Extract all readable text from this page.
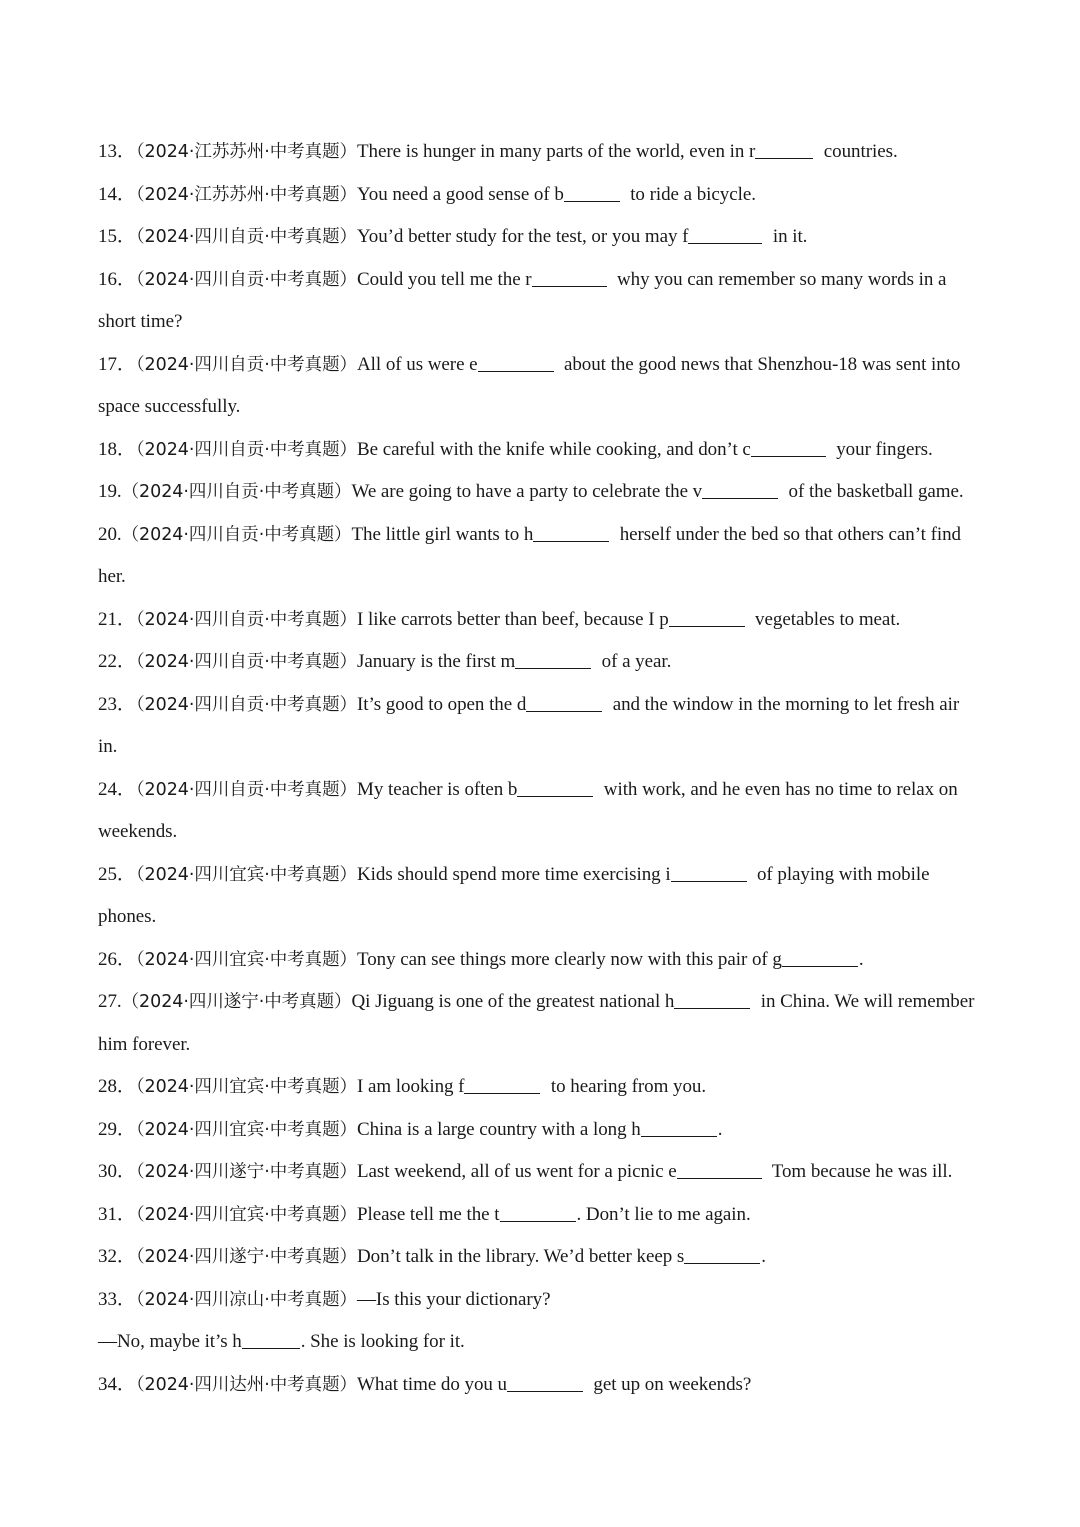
13．（2024·江苏苏州·中考真题）There is hunger in many parts of the world, even in r	countries.
14．（2024·江苏苏州·中考真题）You need a good sense of b	to ride a bicycle.
15．（2024·四川自贡·中考真题）You’d better study for the test, or you may f	in it.
16．（2024·四川自贡·中考真题）Could you tell me the r	why you can remember so many words in a
short time?
17．（2024·四川自贡·中考真题）All of us were e	about the good news that Shenzhou-18 was sent into
space successfully.
18．（2024·四川自贡·中考真题）Be careful with the knife while cooking, and don’t c	your fingers.
19.（2024·四川自贡·中考真题）We are going to have a party to celebrate the v	of the basketball game.
20.（2024·四川自贡·中考真题）The little girl wants to h	herself under the bed so that others can’t find
her.
21．（2024·四川自贡·中考真题）I like carrots better than beef, because I p	vegetables to meat.
22．（2024·四川自贡·中考真题）January is the first m	of a year.
23．（2024·四川自贡·中考真题）It’s good to open the d	and the window in the morning to let fresh air
in.
24．（2024·四川自贡·中考真题）My teacher is often b	with work, and he even has no time to relax on
weekends.
25．（2024·四川宜宾·中考真题）Kids should spend more time exercising i	of playing with mobile
phones.
26．（2024·四川宜宾·中考真题）Tony can see things more clearly now with this pair of g	.
27.（2024·四川遂宁·中考真题）Qi Jiguang is one of the greatest national h	in China. We will remember
him forever.
28．（2024·四川宜宾·中考真题）I am looking f	to hearing from you.
29．（2024·四川宜宾·中考真题）China is a large country with a long h	.
30．（2024·四川遂宁·中考真题）Last weekend, all of us went for a picnic e	Tom because he was ill.
31．（2024·四川宜宾·中考真题）Please tell me the t	. Don’t lie to me again.
32．（2024·四川遂宁·中考真题）Don’t talk in the library. We’d better keep s	.
33．（2024·四川凉山·中考真题）—Is this your dictionary?
—No, maybe it’s h	. She is looking for it.
34．（2024·四川达州·中考真题）What time do you u	get up on weekends?
